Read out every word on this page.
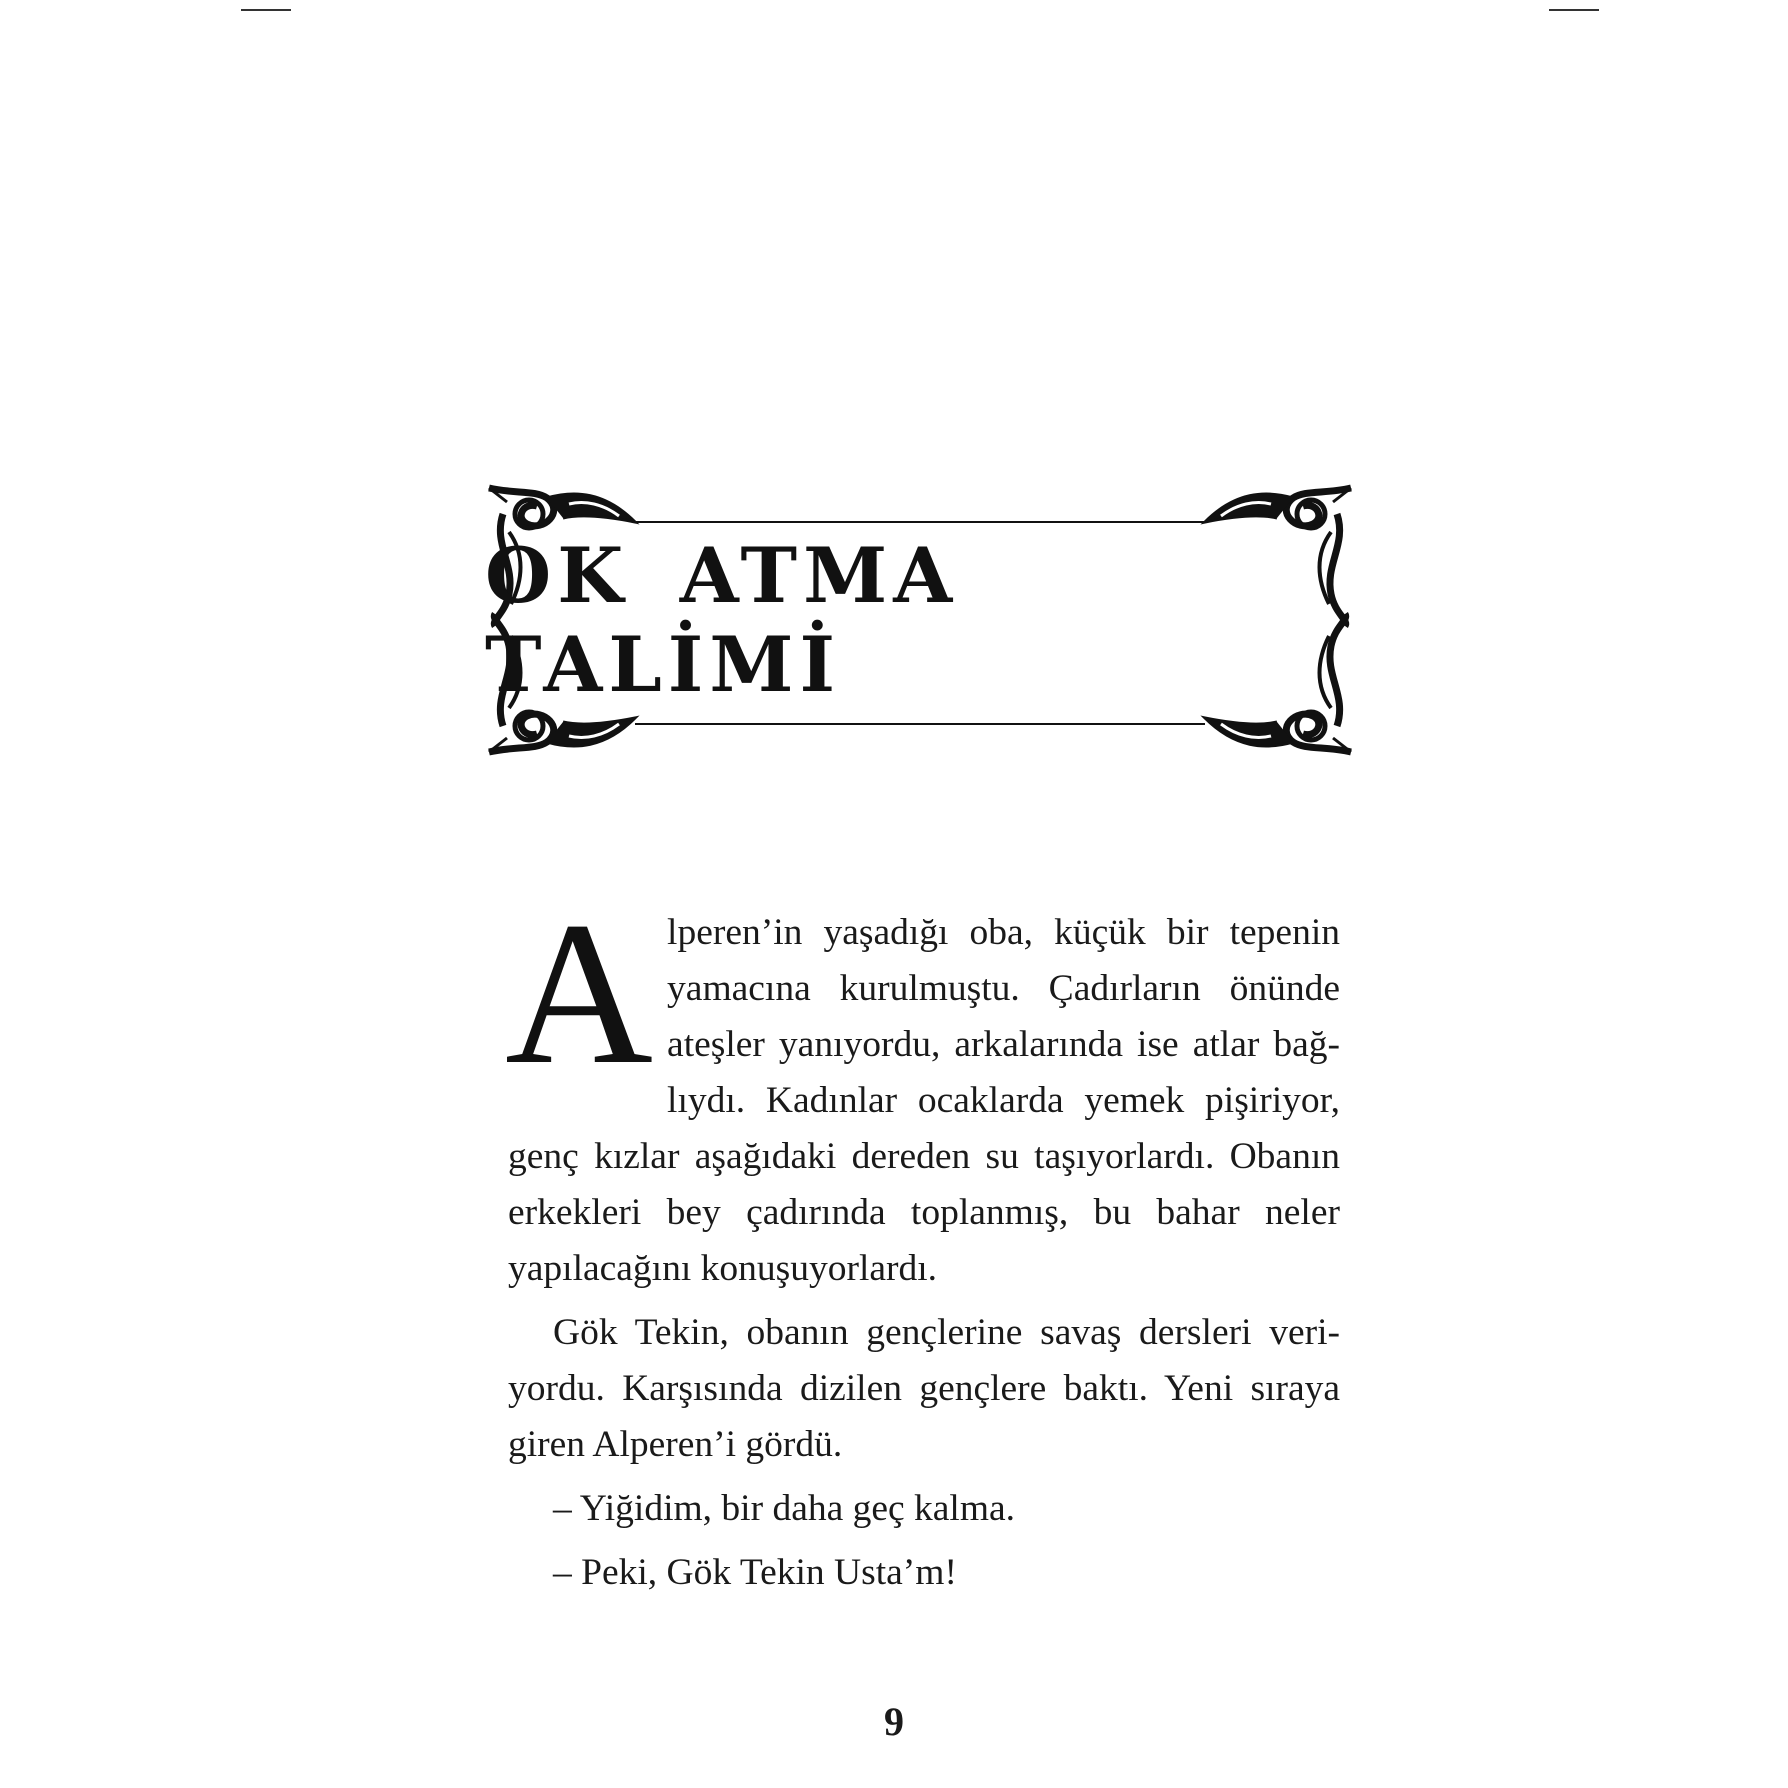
OK ATMA TALİMİ

Alperen’in yaşadığı oba, küçük bir tepenin yamacına kurulmuştu. Çadırların önünde ateşler yanıyordu, arkalarında ise atlar bağlıydı. Kadınlar ocaklarda yemek pişiriyor, genç kızlar aşağıdaki dereden su taşıyorlardı. Obanın erkekleri bey çadırında toplanmış, bu bahar neler yapılacağını konuşuyorlardı.

Gök Tekin, obanın gençlerine savaş dersleri veriyordu. Karşısında dizilen gençlere baktı. Yeni sıraya giren Alperen’i gördü.

– Yiğidim, bir daha geç kalma.

– Peki, Gök Tekin Usta’m!

9
